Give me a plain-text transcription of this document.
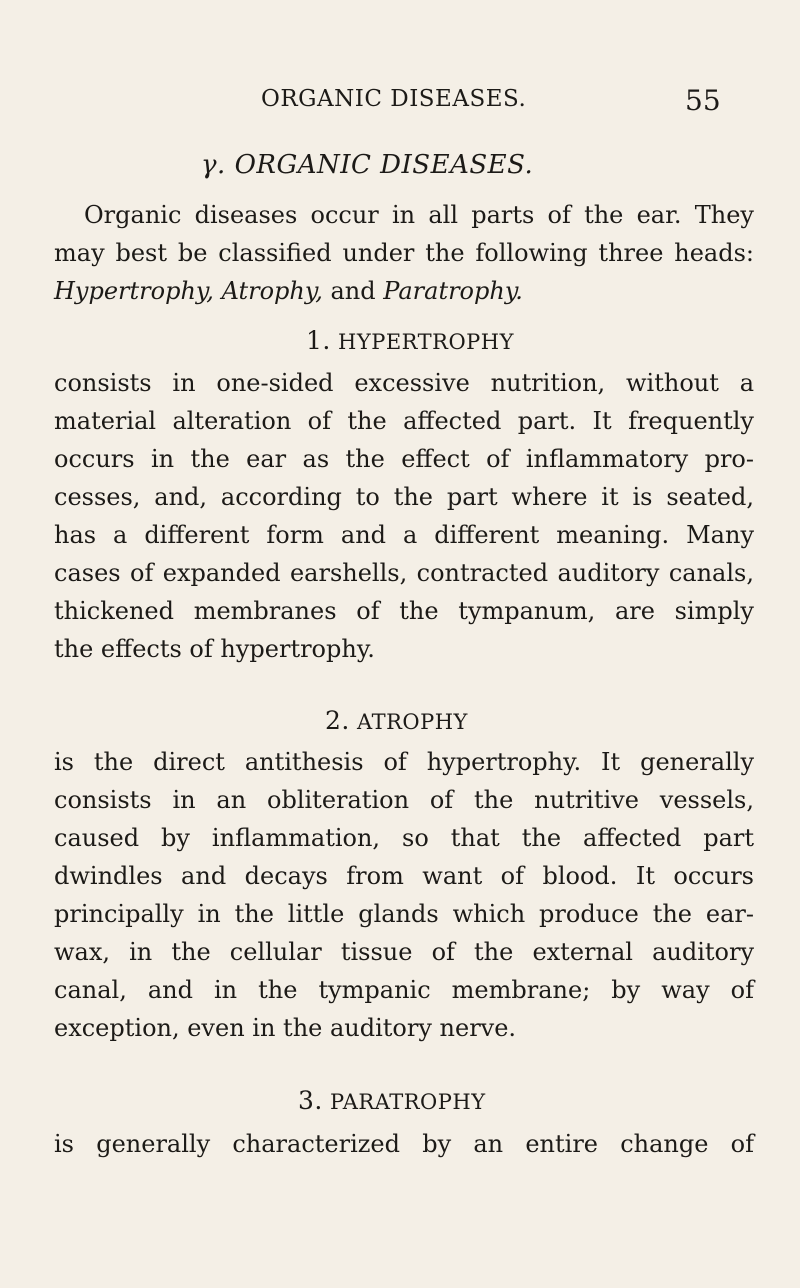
ORGANIC DISEASES.	55
γ. ORGANIC DISEASES.
Organic diseases occur in all parts of the ear. They
may best be classified under the following three heads:
Hypertrophy, Atrophy, and Paratrophy.
1. HYPERTROPHY
consists in one-sided excessive nutrition, without a
material alteration of the affected part. It frequently
occurs in the ear as the effect of inflammatory pro-
cesses, and, according to the part where it is seated,
has a different form and a different meaning. Many
cases of expanded earshells, contracted auditory canals,
thickened membranes of the tympanum, are simply
the effects of hypertrophy.
2. ATROPHY
is the direct antithesis of hypertrophy. It generally
consists in an obliteration of the nutritive vessels,
caused by inflammation, so that the affected part
dwindles and decays from want of blood. It occurs
principally in the little glands which produce the ear-
wax, in the cellular tissue of the external auditory
canal, and in the tympanic membrane; by way of
exception, even in the auditory nerve.
3. PARATROPHY
is generally characterized by an entire change of
